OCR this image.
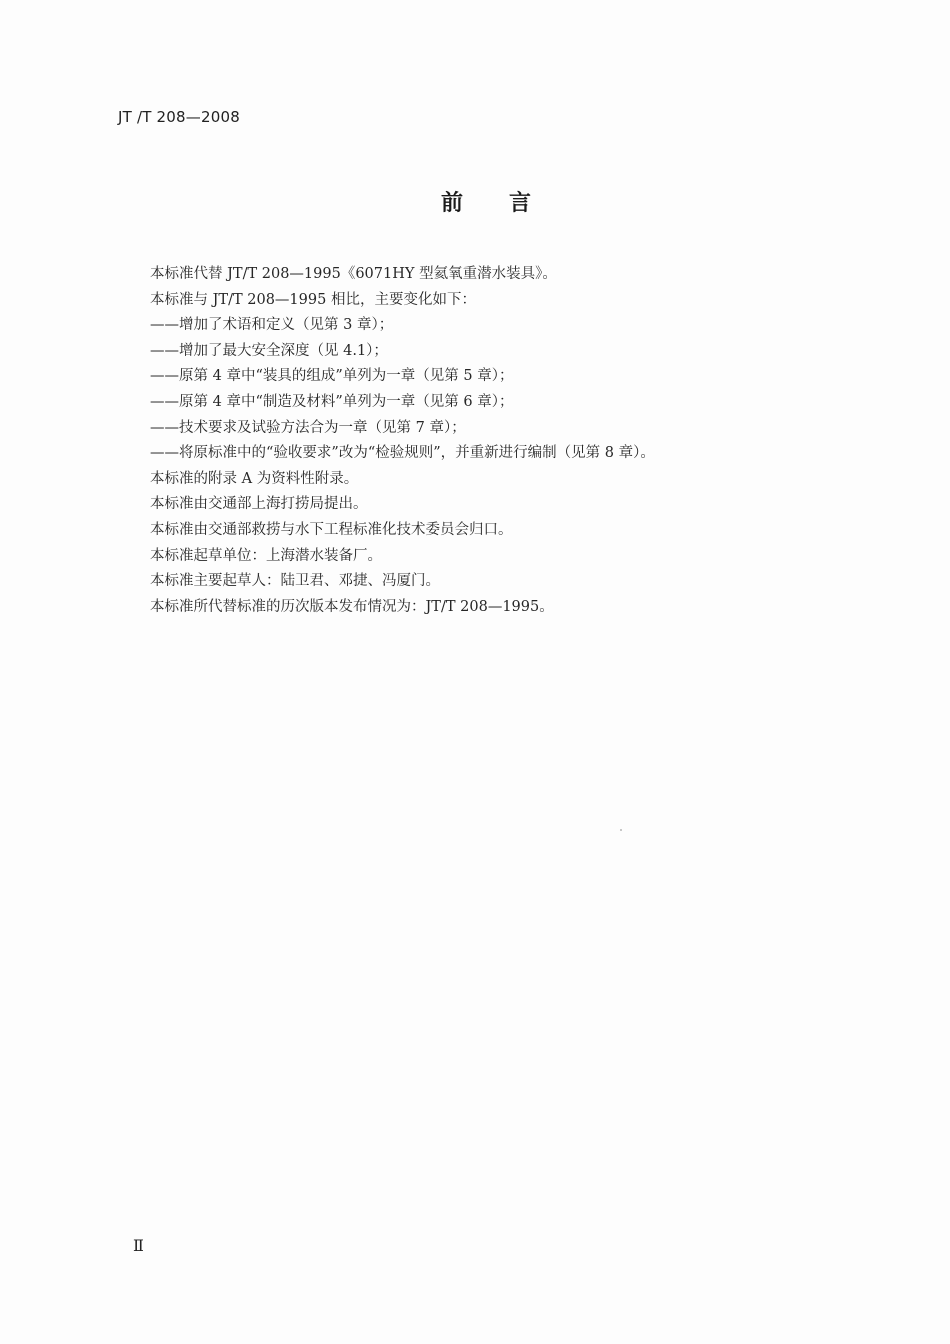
JT /T 208—2008
前 言
本标准代替 JT/T 208—1995《6071HY 型氦氧重潜水装具》。
本标准与 JT/T 208—1995 相比，主要变化如下：
——增加了术语和定义（见第 3 章）；
——增加了最大安全深度（见 4.1）；
——原第 4 章中“装具的组成”单列为一章（见第 5 章）；
——原第 4 章中“制造及材料”单列为一章（见第 6 章）；
——技术要求及试验方法合为一章（见第 7 章）；
——将原标准中的“验收要求”改为“检验规则”，并重新进行编制（见第 8 章）。
本标准的附录 A 为资料性附录。
本标准由交通部上海打捞局提出。
本标准由交通部救捞与水下工程标准化技术委员会归口。
本标准起草单位：上海潜水装备厂。
本标准主要起草人：陆卫君、邓捷、冯厦门。
本标准所代替标准的历次版本发布情况为：JT/T 208—1995。
Ⅱ
